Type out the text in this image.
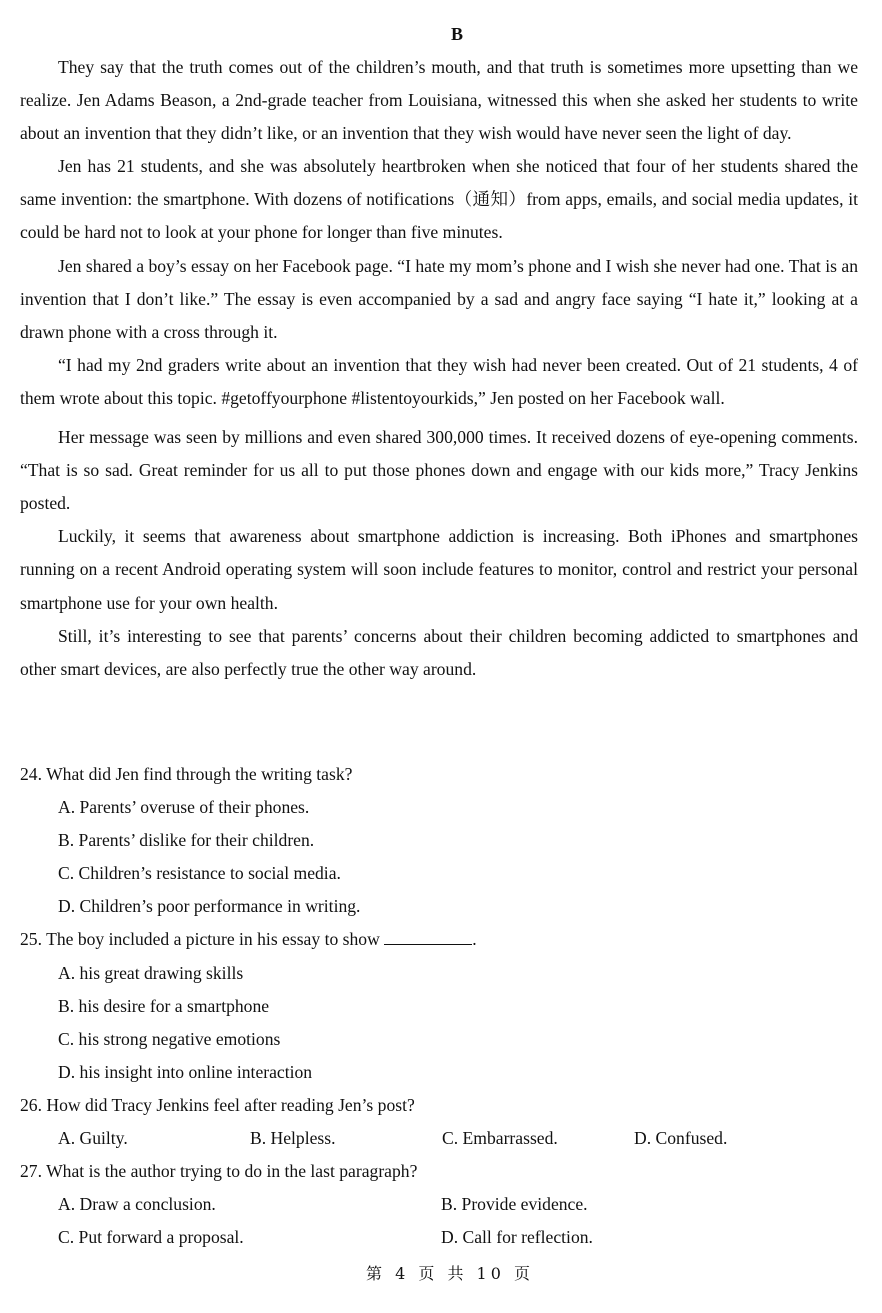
B

They say that the truth comes out of the children’s mouth, and that truth is sometimes more upsetting than we realize. Jen Adams Beason, a 2nd-grade teacher from Louisiana, witnessed this when she asked her students to write about an invention that they didn’t like, or an invention that they wish would have never seen the light of day.

Jen has 21 students, and she was absolutely heartbroken when she noticed that four of her students shared the same invention: the smartphone. With dozens of notifications（通知）from apps, emails, and social media updates, it could be hard not to look at your phone for longer than five minutes.

Jen shared a boy’s essay on her Facebook page. “I hate my mom’s phone and I wish she never had one. That is an invention that I don’t like.” The essay is even accompanied by a sad and angry face saying “I hate it,” looking at a drawn phone with a cross through it.

“I had my 2nd graders write about an invention that they wish had never been created. Out of 21 students, 4 of them wrote about this topic. #getoffyourphone #listentoyourkids,” Jen posted on her Facebook wall.

Her message was seen by millions and even shared 300,000 times. It received dozens of eye-opening comments. “That is so sad. Great reminder for us all to put those phones down and engage with our kids more,” Tracy Jenkins posted.

Luckily, it seems that awareness about smartphone addiction is increasing. Both iPhones and smartphones running on a recent Android operating system will soon include features to monitor, control and restrict your personal smartphone use for your own health.

Still, it’s interesting to see that parents’ concerns about their children becoming addicted to smartphones and other smart devices, are also perfectly true the other way around.

24. What did Jen find through the writing task?

A. Parents’ overuse of their phones.

B. Parents’ dislike for their children.

C. Children’s resistance to social media.

D. Children’s poor performance in writing.

25. The boy included a picture in his essay to show	.

A. his great drawing skills

B. his desire for a smartphone

C. his strong negative emotions

D. his insight into online interaction

26. How did Tracy Jenkins feel after reading Jen’s post?

A. Guilty.	B. Helpless.	C. Embarrassed.	D. Confused.

27. What is the author trying to do in the last paragraph?

A. Draw a conclusion.	B. Provide evidence.
C. Put forward a proposal.	D. Call for reflection.
第 4 页 共 10 页
